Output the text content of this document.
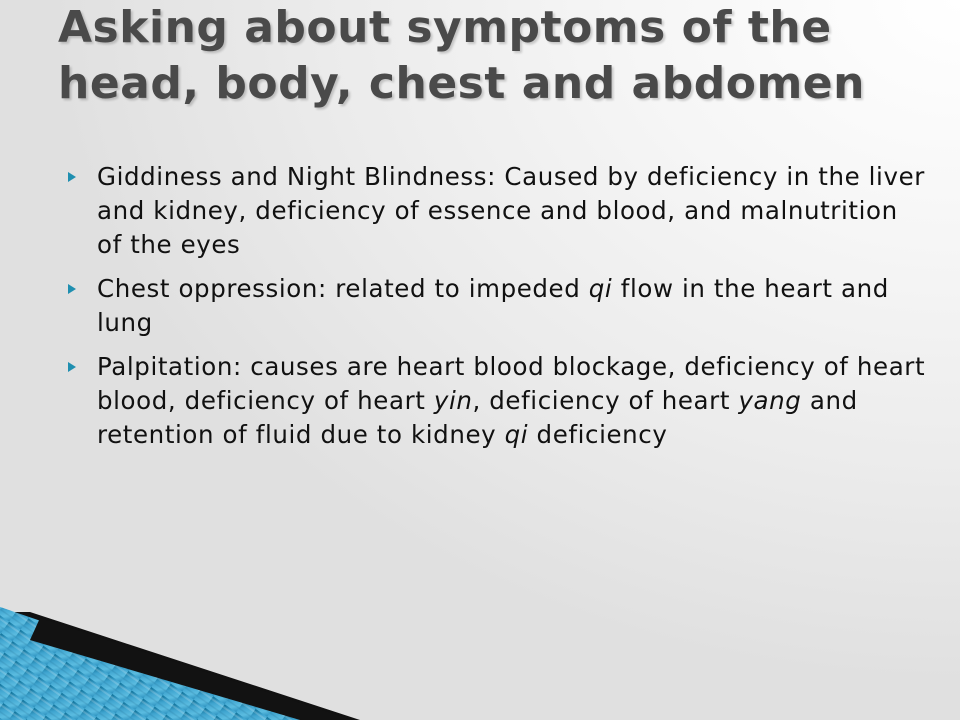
Asking about symptoms of the
head, body, chest and abdomen
Giddiness and Night Blindness: Caused by deficiency in the liver and kidney, deficiency of essence and blood, and malnutrition of the eyes
Chest oppression: related to impeded qi flow in the heart and lung
Palpitation: causes are heart blood blockage, deficiency of heart blood, deficiency of heart yin, deficiency of heart yang and retention of fluid due to kidney qi deficiency
